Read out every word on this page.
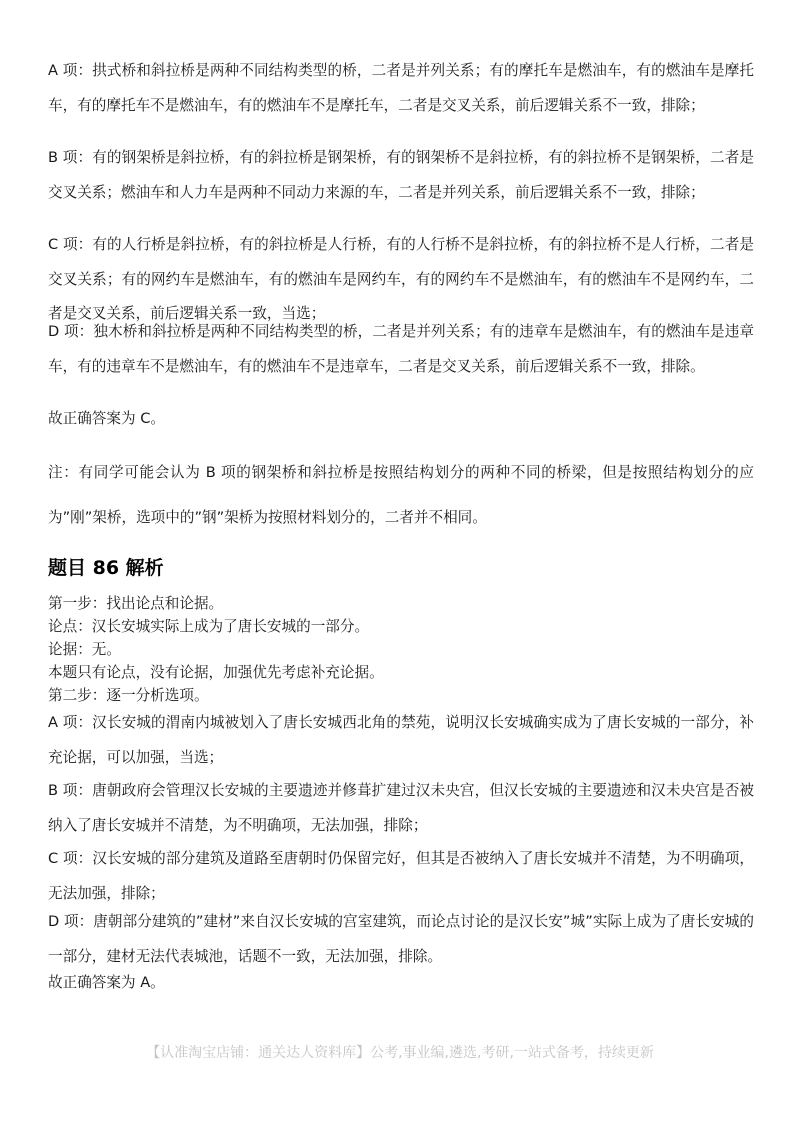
A 项：拱式桥和斜拉桥是两种不同结构类型的桥，二者是并列关系；有的摩托车是燃油车，有的燃油车是摩托车，有的摩托车不是燃油车，有的燃油车不是摩托车，二者是交叉关系，前后逻辑关系不一致，排除；
B 项：有的钢架桥是斜拉桥，有的斜拉桥是钢架桥，有的钢架桥不是斜拉桥，有的斜拉桥不是钢架桥，二者是交叉关系；燃油车和人力车是两种不同动力来源的车，二者是并列关系，前后逻辑关系不一致，排除；
C 项：有的人行桥是斜拉桥，有的斜拉桥是人行桥，有的人行桥不是斜拉桥，有的斜拉桥不是人行桥，二者是交叉关系；有的网约车是燃油车，有的燃油车是网约车，有的网约车不是燃油车，有的燃油车不是网约车，二者是交叉关系，前后逻辑关系一致，当选；
D 项：独木桥和斜拉桥是两种不同结构类型的桥，二者是并列关系；有的违章车是燃油车，有的燃油车是违章车，有的违章车不是燃油车，有的燃油车不是违章车，二者是交叉关系，前后逻辑关系不一致，排除。
故正确答案为 C。
注：有同学可能会认为 B 项的钢架桥和斜拉桥是按照结构划分的两种不同的桥梁，但是按照结构划分的应为”刚”架桥，选项中的”钢”架桥为按照材料划分的，二者并不相同。
题目 86 解析
第一步：找出论点和论据。
论点：汉长安城实际上成为了唐长安城的一部分。
论据：无。
本题只有论点，没有论据，加强优先考虑补充论据。
第二步：逐一分析选项。
A 项：汉长安城的渭南内城被划入了唐长安城西北角的禁苑，说明汉长安城确实成为了唐长安城的一部分，补充论据，可以加强，当选；
B 项：唐朝政府会管理汉长安城的主要遗迹并修葺扩建过汉未央宫，但汉长安城的主要遗迹和汉未央宫是否被纳入了唐长安城并不清楚，为不明确项，无法加强，排除；
C 项：汉长安城的部分建筑及道路至唐朝时仍保留完好，但其是否被纳入了唐长安城并不清楚，为不明确项，无法加强，排除；
D 项：唐朝部分建筑的”建材”来自汉长安城的宫室建筑，而论点讨论的是汉长安”城”实际上成为了唐长安城的一部分，建材无法代表城池，话题不一致，无法加强，排除。
故正确答案为 A。
【认准淘宝店铺：通关达人资料库】公考,事业编,遴选,考研,一站式备考，持续更新
